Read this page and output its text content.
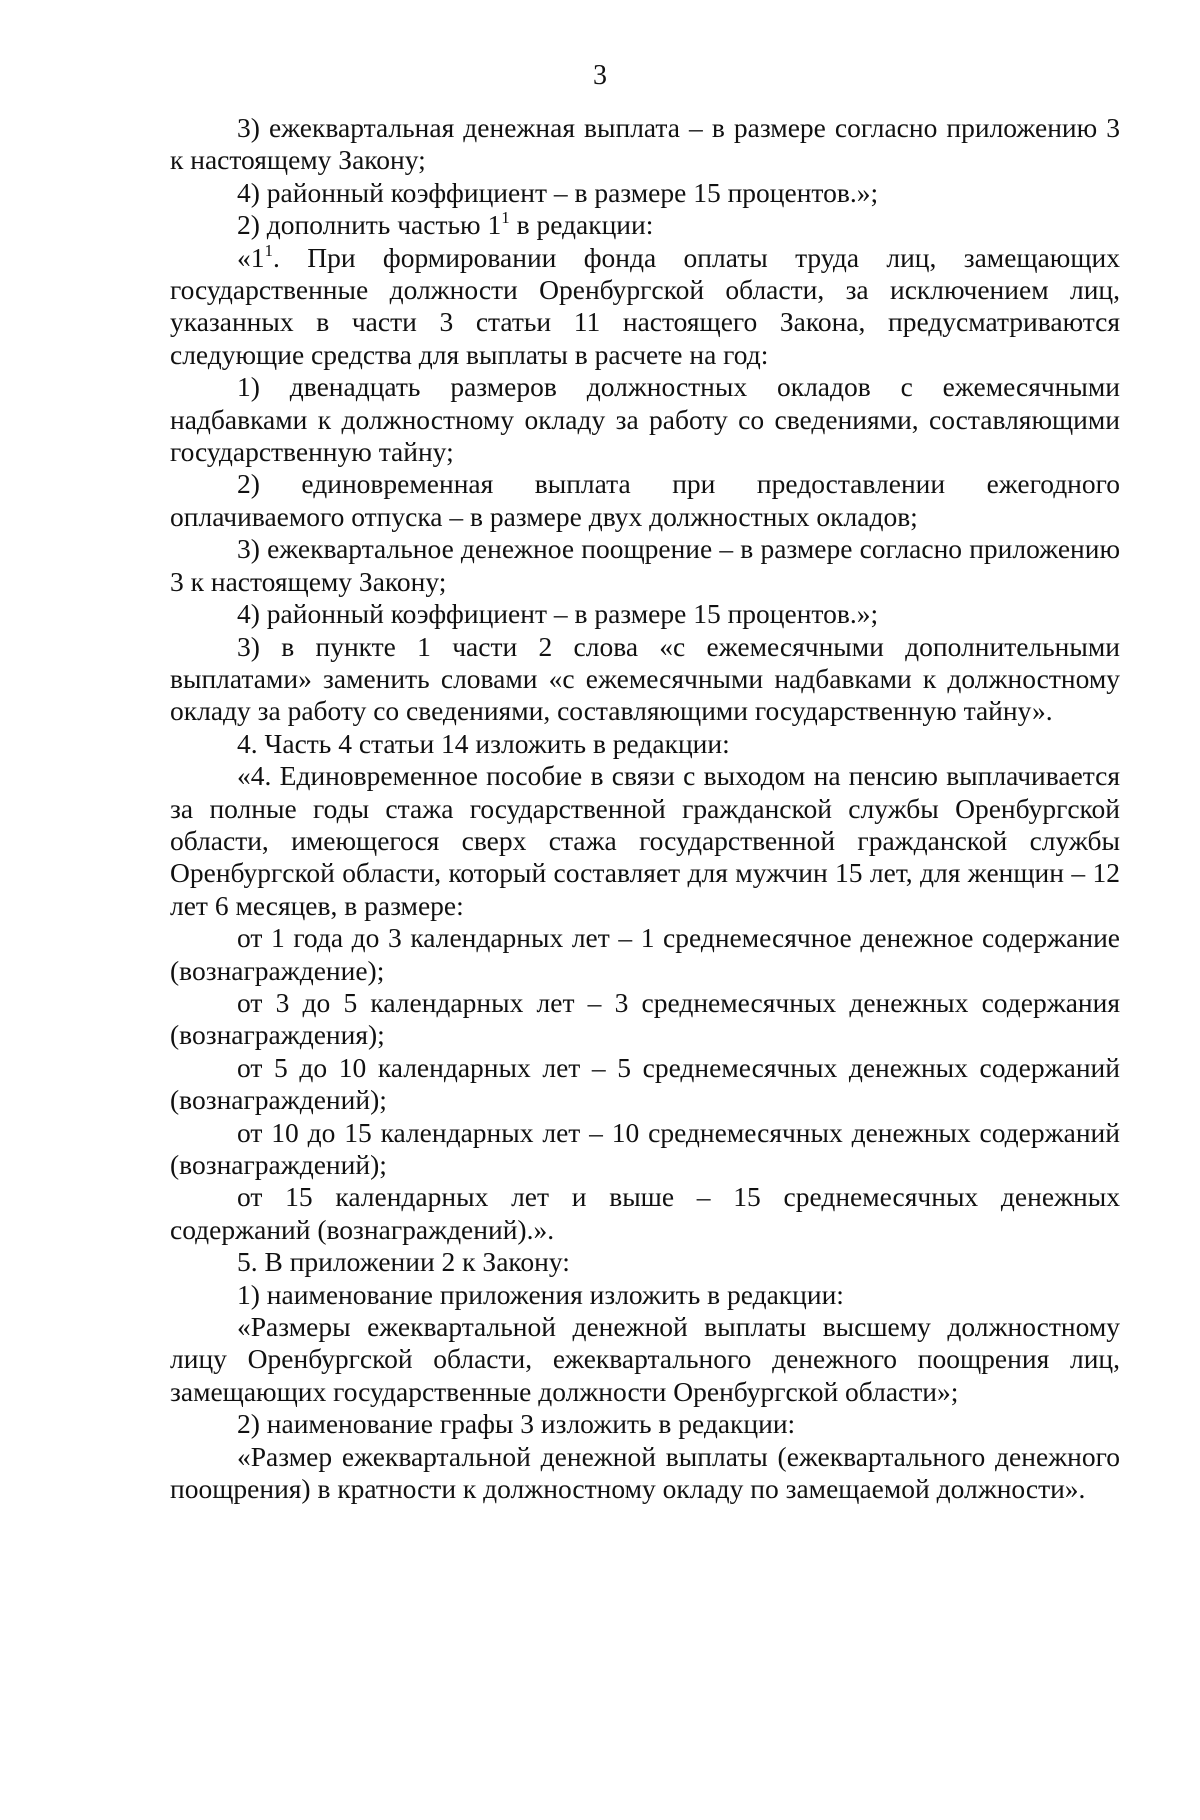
3

3) ежеквартальная денежная выплата – в размере согласно приложению 3 к настоящему Закону;

4) районный коэффициент – в размере 15 процентов.»;

2) дополнить частью $1^1$ в редакции:

«$1^1$. При формировании фонда оплаты труда лиц, замещающих государственные должности Оренбургской области, за исключением лиц, указанных в части 3 статьи 11 настоящего Закона, предусматриваются следующие средства для выплаты в расчете на год:

1) двенадцать размеров должностных окладов с ежемесячными надбавками к должностному окладу за работу со сведениями, составляющими государственную тайну;

2) единовременная выплата при предоставлении ежегодного оплачиваемого отпуска – в размере двух должностных окладов;

3) ежеквартальное денежное поощрение – в размере согласно приложению 3 к настоящему Закону;

4) районный коэффициент – в размере 15 процентов.»;

3) в пункте 1 части 2 слова «с ежемесячными дополнительными выплатами» заменить словами «с ежемесячными надбавками к должностному окладу за работу со сведениями, составляющими государственную тайну».

4. Часть 4 статьи 14 изложить в редакции:

«4. Единовременное пособие в связи с выходом на пенсию выплачивается за полные годы стажа государственной гражданской службы Оренбургской области, имеющегося сверх стажа государственной гражданской службы Оренбургской области, который составляет для мужчин 15 лет, для женщин – 12 лет 6 месяцев, в размере:

от 1 года до 3 календарных лет – 1 среднемесячное денежное содержание (вознаграждение);

от 3 до 5 календарных лет – 3 среднемесячных денежных содержания (вознаграждения);

от 5 до 10 календарных лет – 5 среднемесячных денежных содержаний (вознаграждений);

от 10 до 15 календарных лет – 10 среднемесячных денежных содержаний (вознаграждений);

от 15 календарных лет и выше – 15 среднемесячных денежных содержаний (вознаграждений).».

5. В приложении 2 к Закону:

1) наименование приложения изложить в редакции:

«Размеры ежеквартальной денежной выплаты высшему должностному лицу Оренбургской области, ежеквартального денежного поощрения лиц, замещающих государственные должности Оренбургской области»;

2) наименование графы 3 изложить в редакции:

«Размер ежеквартальной денежной выплаты (ежеквартального денежного поощрения) в кратности к должностному окладу по замещаемой должности».
